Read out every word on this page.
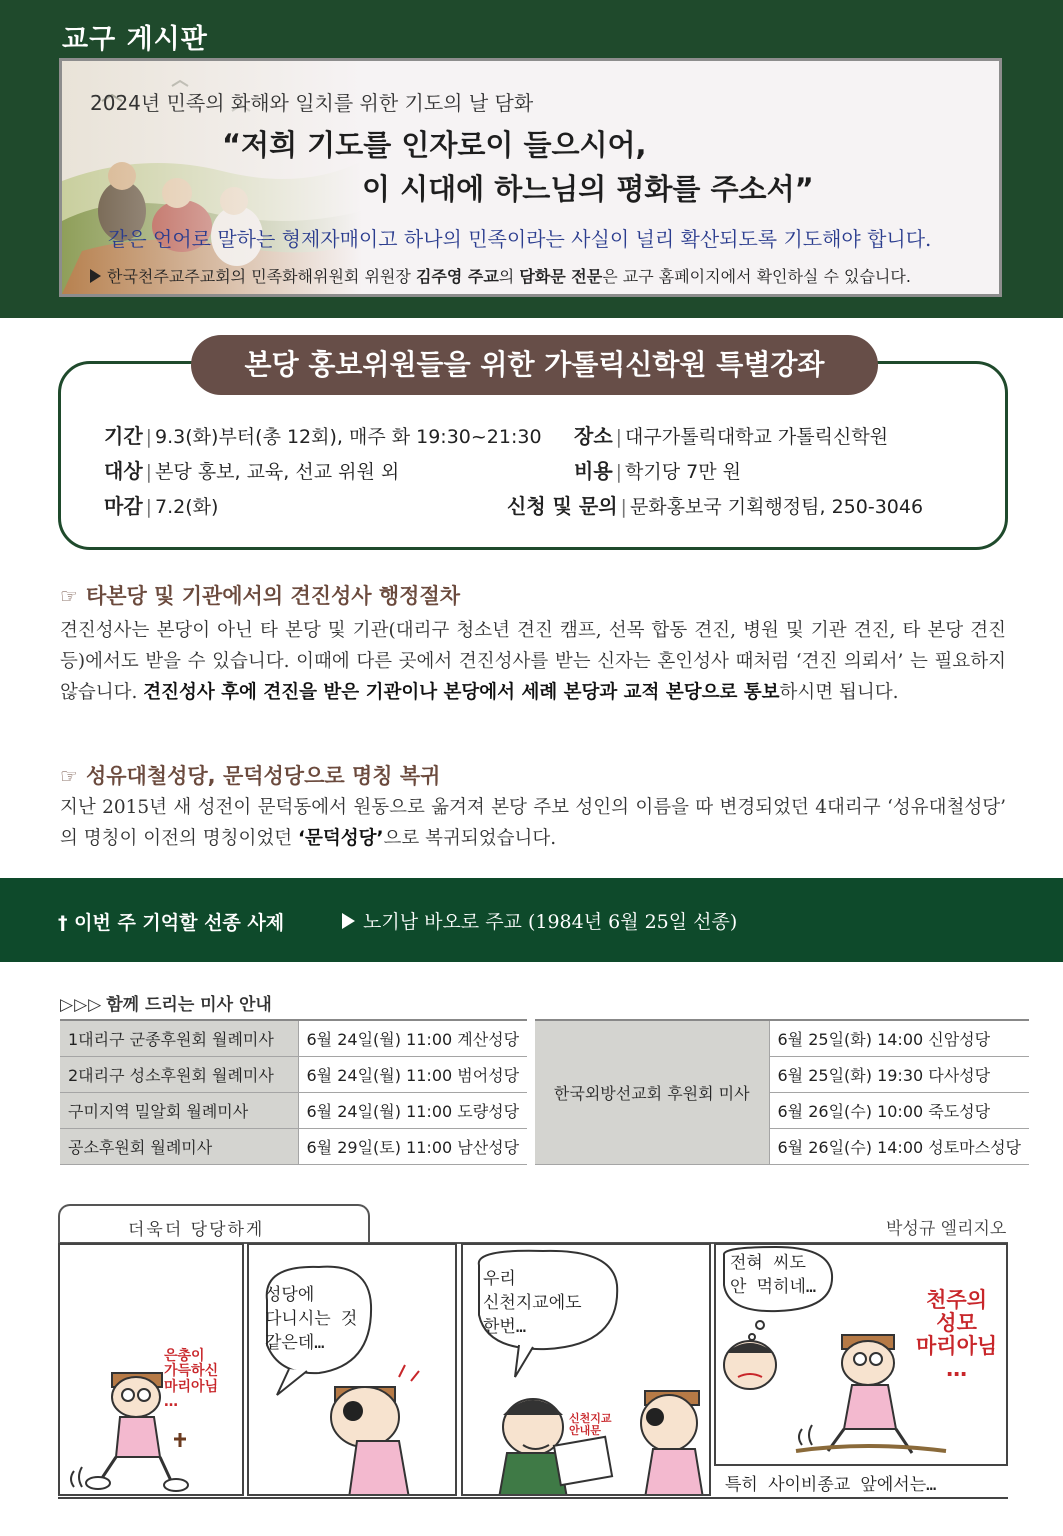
교구 게시판
2024년 민족의 화해와 일치를 위한 기도의 날 담화
“저희 기도를 인자로이 들으시어,
이 시대에 하느님의 평화를 주소서”
같은 언어로 말하는 형제자매이고 하나의 민족이라는 사실이 널리 확산되도록 기도해야 합니다.
한국천주교주교회의 민족화해위원회 위원장 김주영 주교의 담화문 전문은 교구 홈페이지에서 확인하실 수 있습니다.
본당 홍보위원들을 위한 가톨릭신학원 특별강좌
기간 | 9.3(화)부터(총 12회), 매주 화 19:30~21:30
대상 | 본당 홍보, 교육, 선교 위원 외
마감 | 7.2(화)
장소 | 대구가톨릭대학교 가톨릭신학원
비용 | 학기당 7만 원
신청 및 문의 | 문화홍보국 기획행정팀, 250-3046
☞ 타본당 및 기관에서의 견진성사 행정절차
견진성사는 본당이 아닌 타 본당 및 기관(대리구 청소년 견진 캠프, 선목 합동 견진, 병원 및 기관 견진, 타 본당 견진 등)에서도 받을 수 있습니다. 이때에 다른 곳에서 견진성사를 받는 신자는 혼인성사 때처럼 ‘견진 의뢰서’ 는 필요하지 않습니다. 견진성사 후에 견진을 받은 기관이나 본당에서 세례 본당과 교적 본당으로 통보하시면 됩니다.
☞ 성유대철성당, 문덕성당으로 명칭 복귀
지난 2015년 새 성전이 문덕동에서 원동으로 옮겨져 본당 주보 성인의 이름을 따 변경되었던 4대리구 ‘성유대철성당’ 의 명칭이 이전의 명칭이었던 ‘문덕성당’으로 복귀되었습니다.
† 이번 주 기억할 선종 사제	노기남 바오로 주교 (1984년 6월 25일 선종)
▷▷▷ 함께 드리는 미사 안내
1대리구 군종후원회 월례미사	6월 24일(월) 11:00 계산성당
2대리구 성소후원회 월례미사	6월 24일(월) 11:00 범어성당
구미지역 밀알회 월례미사	6월 24일(월) 11:00 도량성당
공소후원회 월례미사	6월 29일(토) 11:00 남산성당
한국외방선교회 후원회 미사	6월 25일(화) 14:00 신암성당
6월 25일(화) 19:30 다사성당
6월 26일(수) 10:00 죽도성당
6월 26일(수) 14:00 성토마스성당
더욱더 당당하게	박성규 엘리지오
은총이
가득하신
마리아님
…
성당에
다니시는 것
같은데…
우리
신천지교에도
한번…
신천지교
안내문
전혀 씨도
안 먹히네…
천주의
성모
마리아님
…
특히 사이비종교 앞에서는…
